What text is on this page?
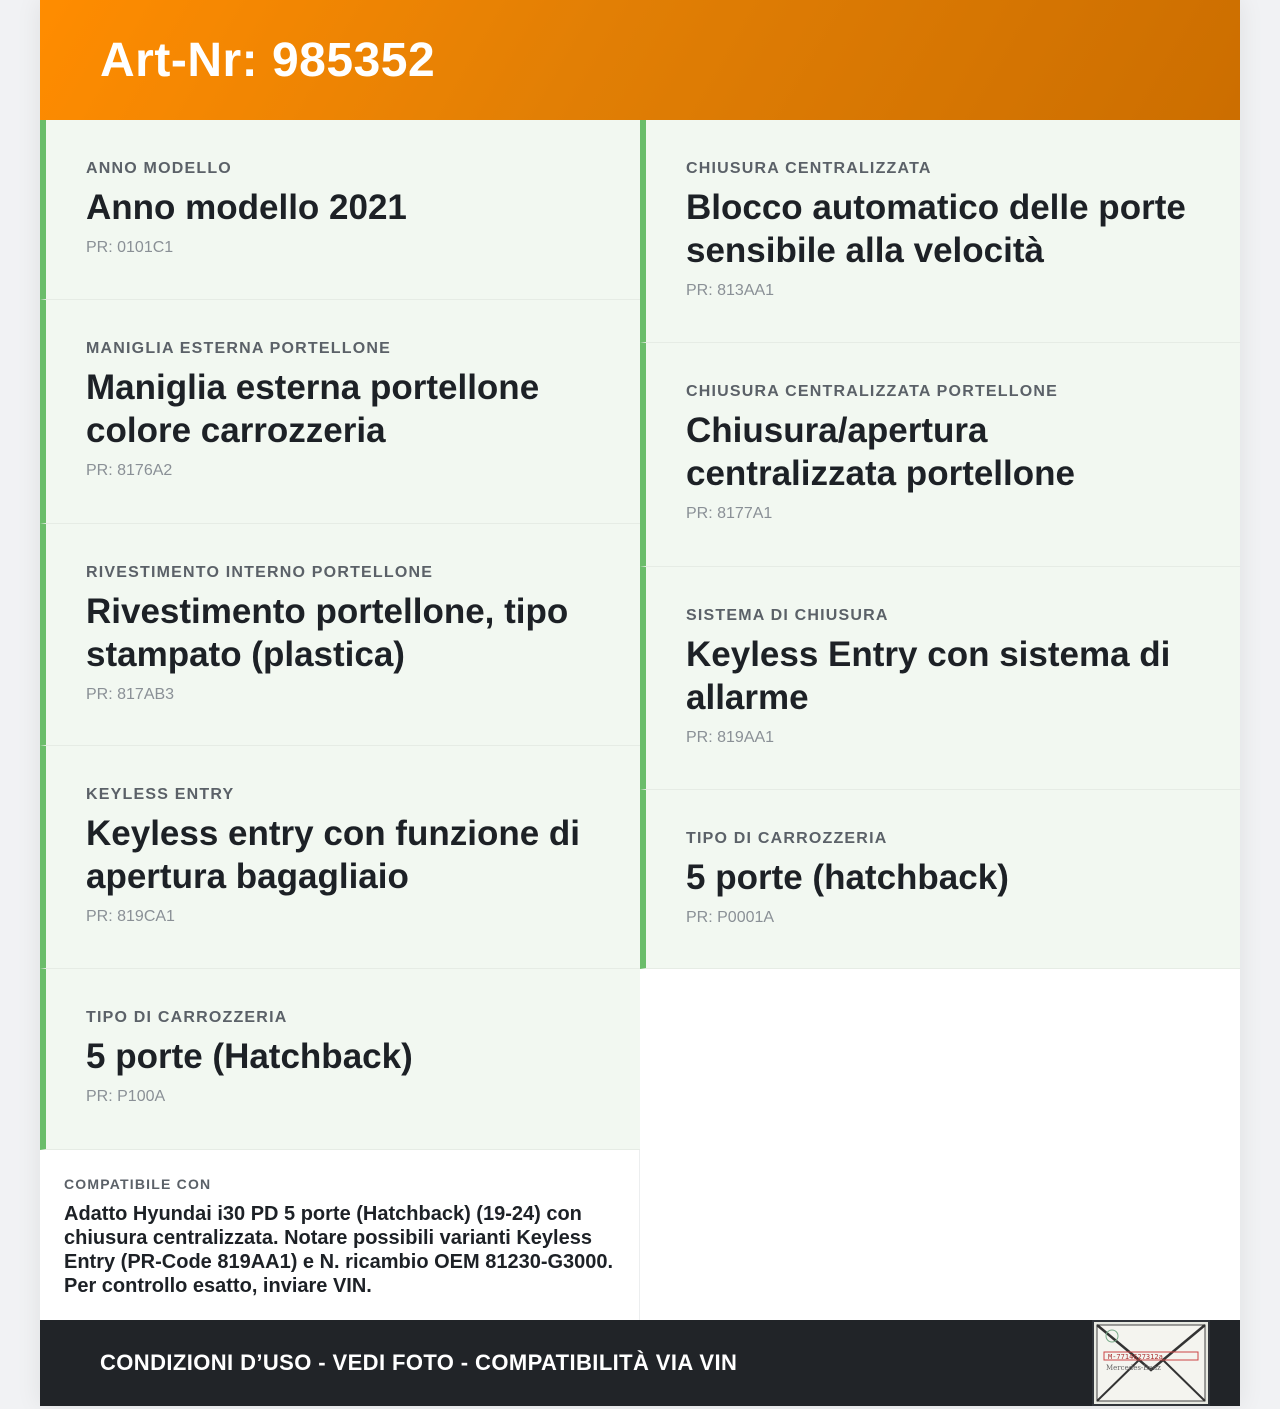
Art-Nr: 985352
ANNO MODELLO
Anno modello 2021
PR: 0101C1
MANIGLIA ESTERNA PORTELLONE
Maniglia esterna portellone colore carrozzeria
PR: 8176A2
RIVESTIMENTO INTERNO PORTELLONE
Rivestimento portellone, tipo stampato (plastica)
PR: 817AB3
KEYLESS ENTRY
Keyless entry con funzione di apertura bagagliaio
PR: 819CA1
TIPO DI CARROZZERIA
5 porte (Hatchback)
PR: P100A
COMPATIBILE CON
Adatto Hyundai i30 PD 5 porte (Hatchback) (19-24) con chiusura centralizzata. Notare possibili varianti Keyless Entry (PR-Code 819AA1) e N. ricambio OEM 81230-G3000. Per controllo esatto, inviare VIN.
CHIUSURA CENTRALIZZATA
Blocco automatico delle porte sensibile alla velocità
PR: 813AA1
CHIUSURA CENTRALIZZATA PORTELLONE
Chiusura/apertura centralizzata portellone
PR: 8177A1
SISTEMA DI CHIUSURA
Keyless Entry con sistema di allarme
PR: 819AA1
TIPO DI CARROZZERIA
5 porte (hatchback)
PR: P0001A
CONDIZIONI D’USO - VEDI FOTO - COMPATIBILITÀ VIA VIN	M-7714627312a
Mercedes-Benz
